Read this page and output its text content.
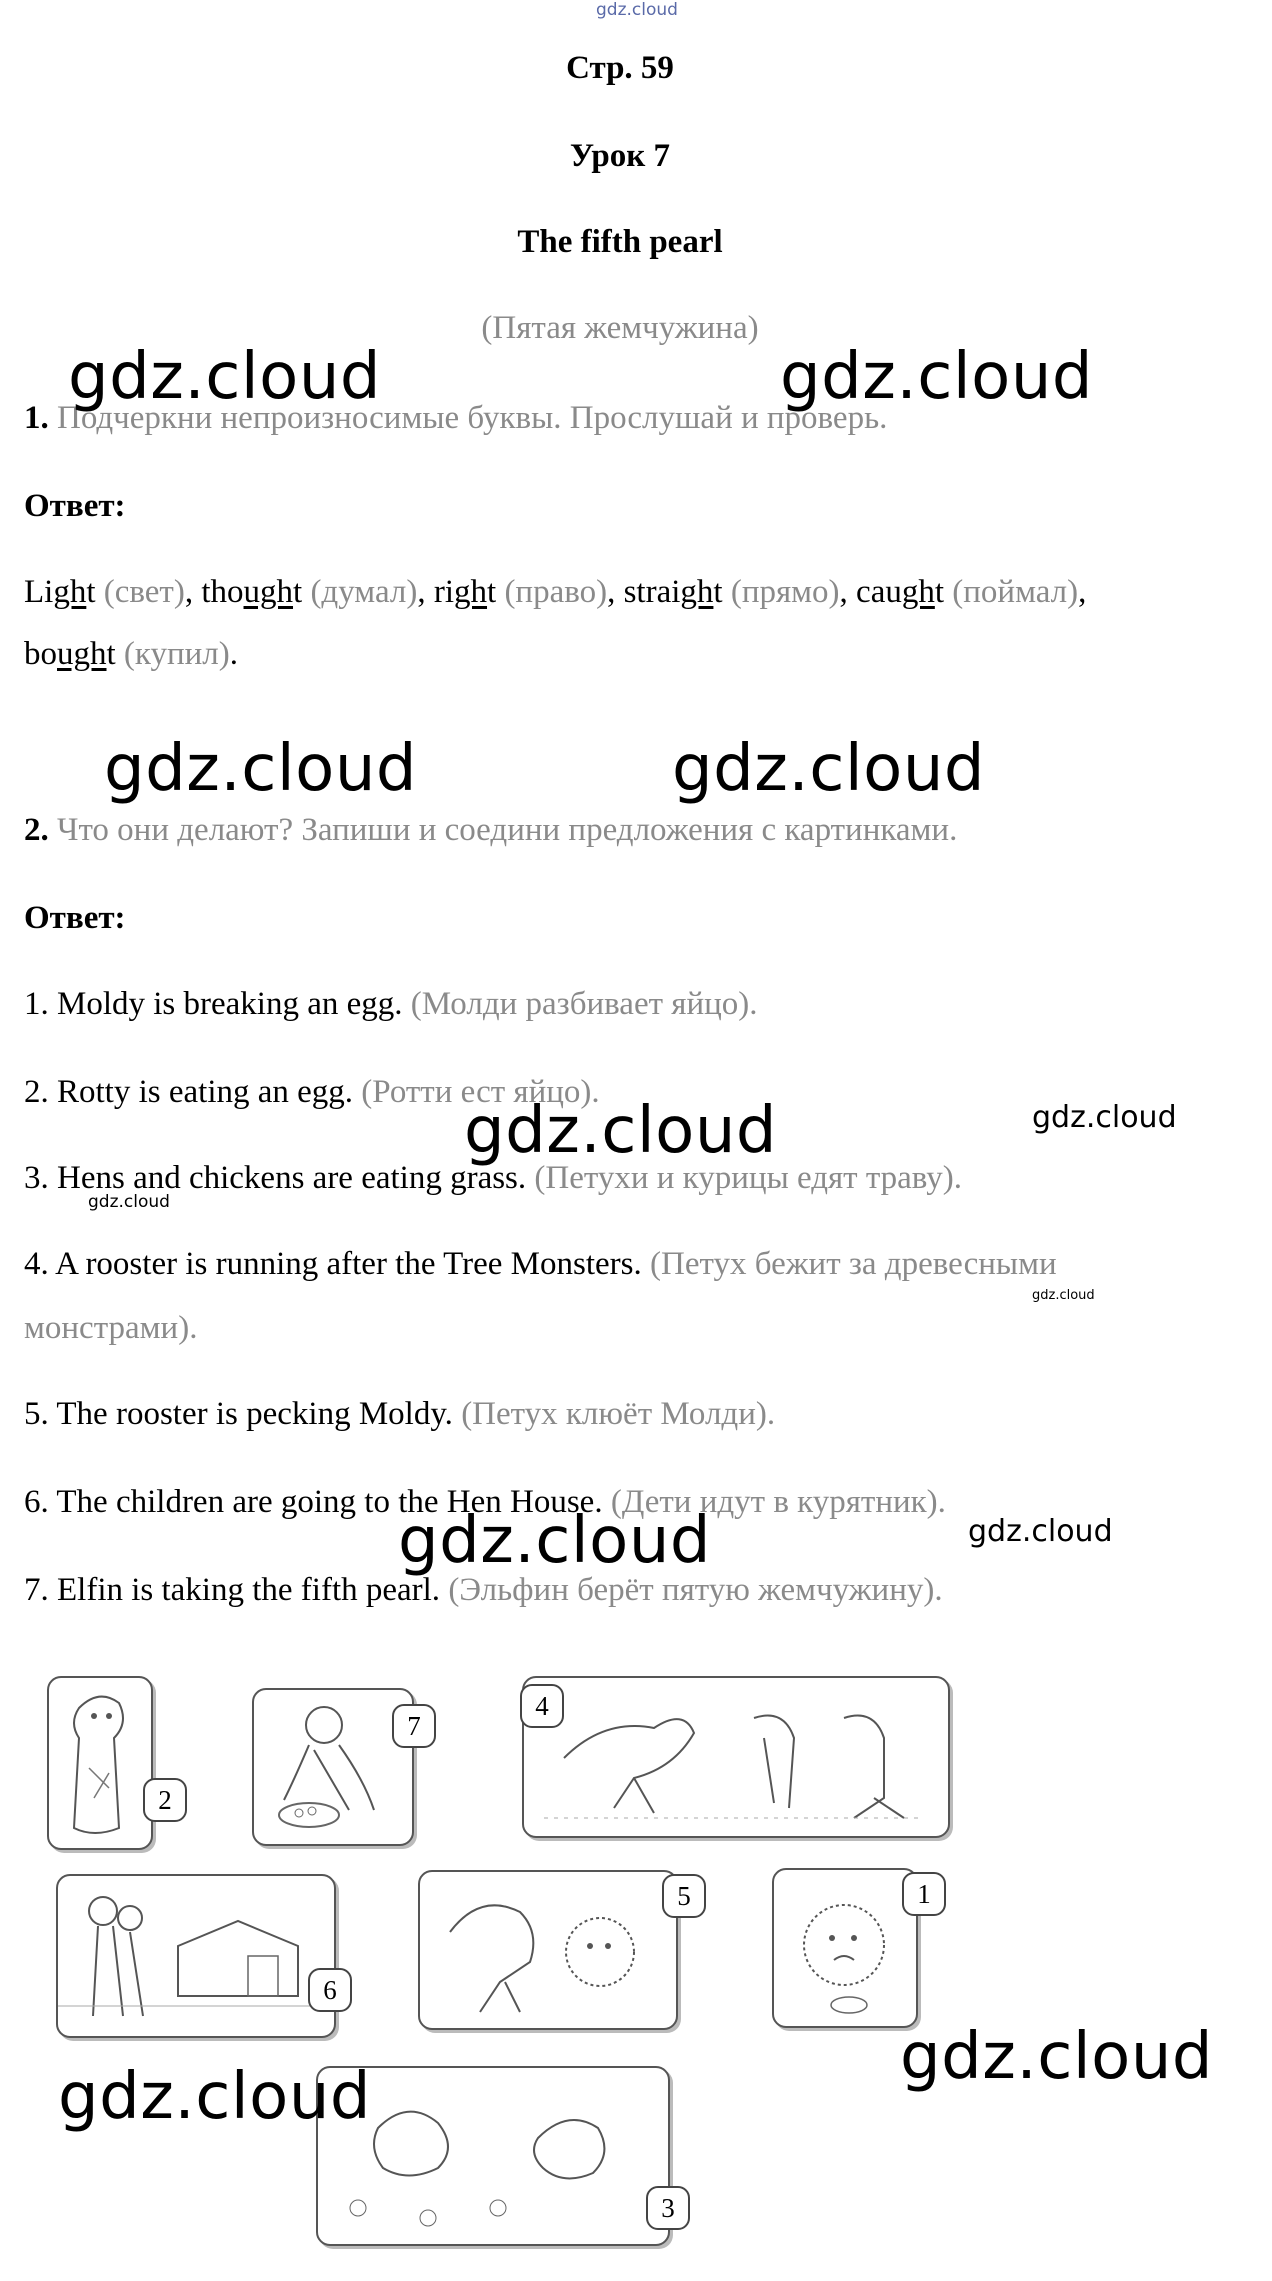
gdz.cloud
Стр. 59
Урок 7
The fifth pearl
(Пятая жемчужина)
1. Подчеркни непроизносимые буквы. Прослушай и проверь.
Ответ:
Light (свет), thought (думал), right (право), straight (прямо), caught (поймал),
bought (купил).
2. Что они делают? Запиши и соедини предложения с картинками.
Ответ:
1. Moldy is breaking an egg. (Молди разбивает яйцо).
2. Rotty is eating an egg. (Ротти ест яйцо).
3. Hens and chickens are eating grass. (Петухи и курицы едят траву).
4. A rooster is running after the Tree Monsters. (Петух бежит за древесными
монстрами).
5. The rooster is pecking Moldy. (Петух клюёт Молди).
6. The children are going to the Hen House. (Дети идут в курятник).
7. Elfin is taking the fifth pearl. (Эльфин берёт пятую жемчужину).
2
7
4
6
5	1
3
gdz.cloud	gdz.cloud
gdz.cloud	gdz.cloud
gdz.cloud	gdz.cloud
gdz.cloud
gdz.cloud
gdz.cloud	gdz.cloud
gdz.cloud
gdz.cloud
